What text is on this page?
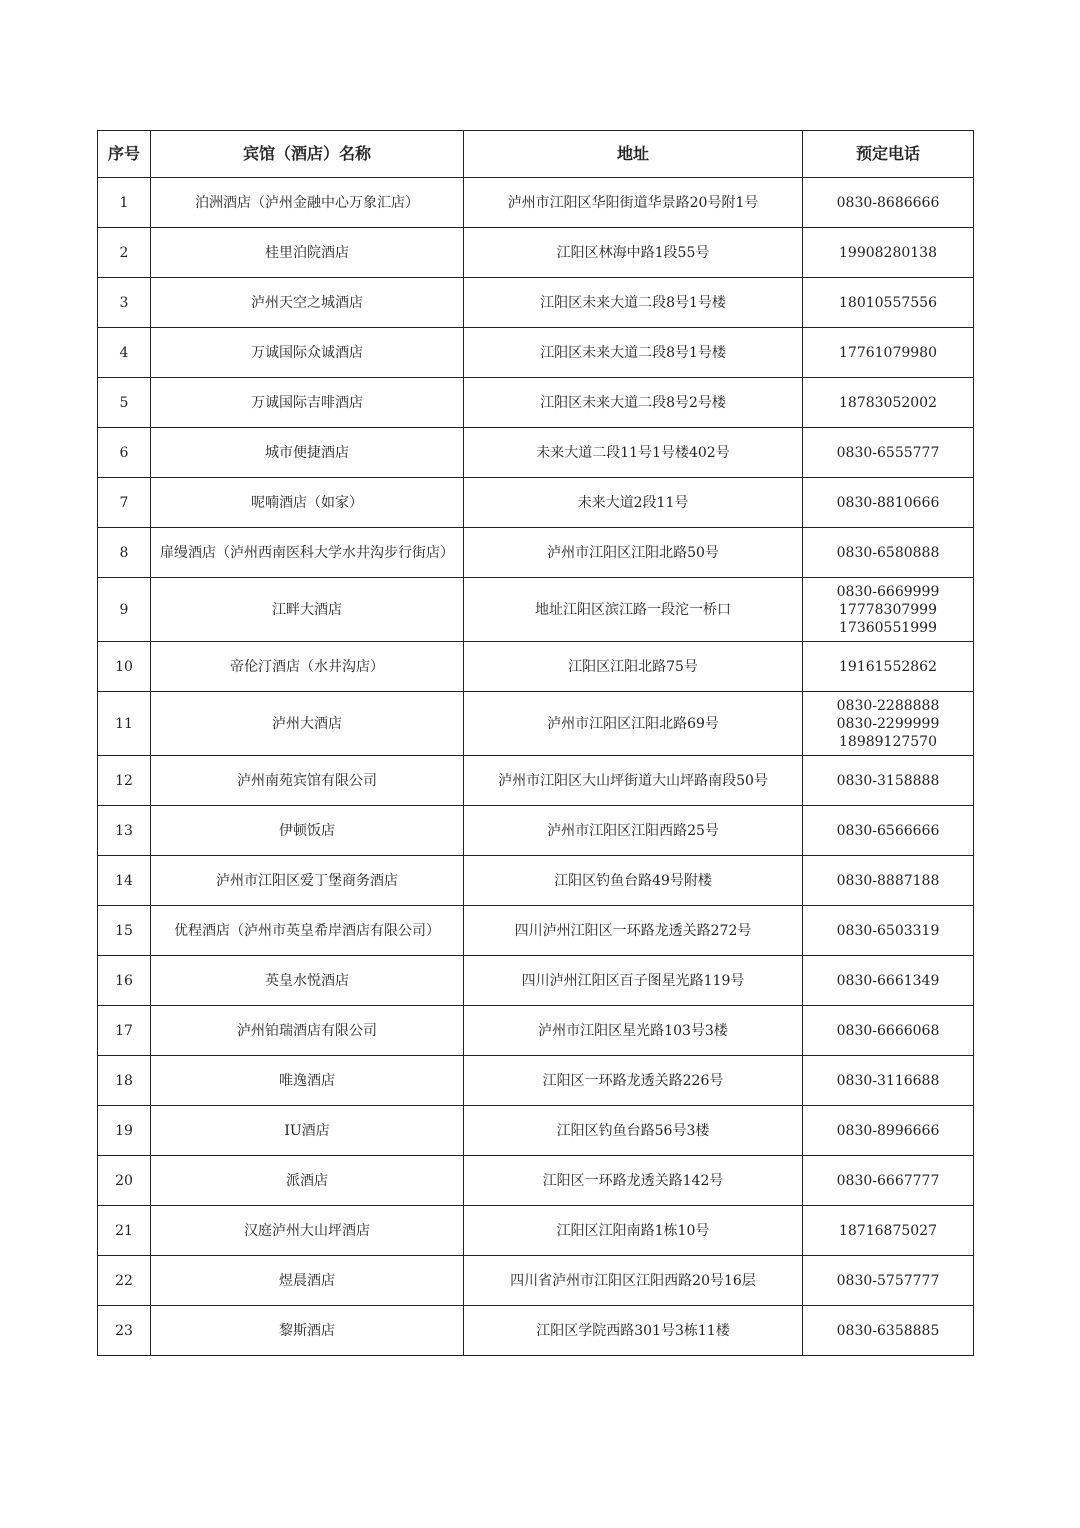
序号	宾馆（酒店）名称	地址	预定电话
1	泊洲酒店（泸州金融中心万象汇店）	泸州市江阳区华阳街道华景路20号附1号	0830-8686666

2	桂里泊院酒店	江阳区林海中路1段55号	19908280138

3	泸州天空之城酒店	江阳区未来大道二段8号1号楼	18010557556

4	万诚国际众诚酒店	江阳区未来大道二段8号1号楼	17761079980

5	万诚国际吉啡酒店	江阳区未来大道二段8号2号楼	18783052002

6	城市便捷酒店	未来大道二段11号1号楼402号	0830-6555777

7	呢喃酒店（如家）	未来大道2段11号	0830-8810666

8	扉缦酒店（泸州西南医科大学水井沟步行街店）	泸州市江阳区江阳北路50号	0830-6580888

9	江畔大酒店	地址江阳区滨江路一段沱一桥口	0830-6669999
17778307999
17360551999

10	帝伦汀酒店（水井沟店）	江阳区江阳北路75号	19161552862

11	泸州大酒店	泸州市江阳区江阳北路69号	0830-2288888
0830-2299999
18989127570

12	泸州南苑宾馆有限公司	泸州市江阳区大山坪街道大山坪路南段50号	0830-3158888

13	伊顿饭店	泸州市江阳区江阳西路25号	0830-6566666

14	泸州市江阳区爱丁堡商务酒店	江阳区钓鱼台路49号附楼	0830-8887188

15	优程酒店（泸州市英皇希岸酒店有限公司）	四川泸州江阳区一环路龙透关路272号	0830-6503319

16	英皇水悦酒店	四川泸州江阳区百子图星光路119号	0830-6661349

17	泸州铂瑞酒店有限公司	泸州市江阳区星光路103号3楼	0830-6666068

18	唯逸酒店	江阳区一环路龙透关路226号	0830-3116688

19	IU酒店	江阳区钓鱼台路56号3楼	0830-8996666

20	派酒店	江阳区一环路龙透关路142号	0830-6667777

21	汉庭泸州大山坪酒店	江阳区江阳南路1栋10号	18716875027

22	煜晨酒店	四川省泸州市江阳区江阳西路20号16层	0830-5757777

23	黎斯酒店	江阳区学院西路301号3栋11楼	0830-6358885
